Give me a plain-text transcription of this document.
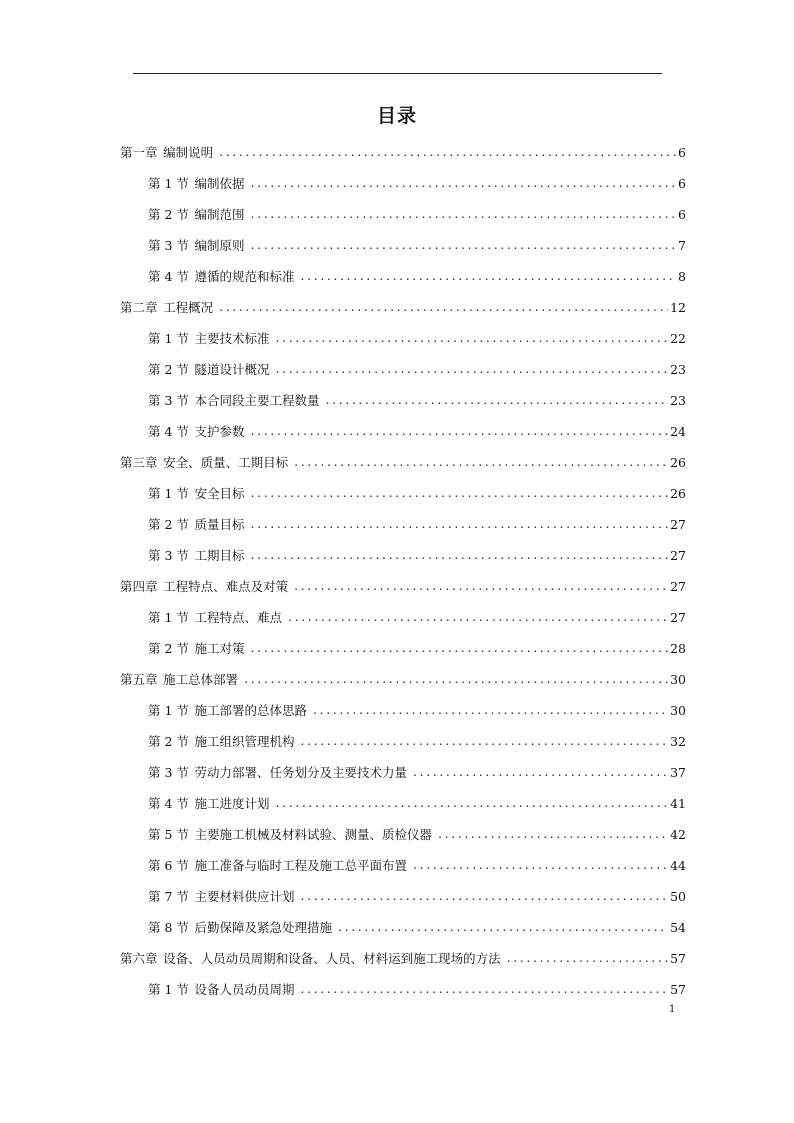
目录
第一章 编制说明 .....	6
第 1 节 编制依据 .....	6
第 2 节 编制范围 .....	6
第 3 节 编制原则 .....	7
第 4 节 遵循的规范和标准 .....	8
第二章 工程概况 .....	12
第 1 节 主要技术标准 .....	22
第 2 节 隧道设计概况 .....	23
第 3 节 本合同段主要工程数量 .....	23
第 4 节 支护参数 .....	24
第三章 安全、质量、工期目标 .....	26
第 1 节 安全目标 .....	26
第 2 节 质量目标 .....	27
第 3 节 工期目标 .....	27
第四章 工程特点、难点及对策 .....	27
第 1 节 工程特点、难点 .....	27
第 2 节 施工对策 .....	28
第五章 施工总体部署 .....	30
第 1 节 施工部署的总体思路 .....	30
第 2 节 施工组织管理机构 .....	32
第 3 节 劳动力部署、任务划分及主要技术力量 .....	37
第 4 节 施工进度计划 .....	41
第 5 节 主要施工机械及材料试验、测量、质检仪器 .....	42
第 6 节 施工准备与临时工程及施工总平面布置 .....	44
第 7 节 主要材料供应计划 .....	50
第 8 节 后勤保障及紧急处理措施 .....	54
第六章 设备、人员动员周期和设备、人员、材料运到施工现场的方法 .....	57
第 1 节 设备人员动员周期 .....	57
1
